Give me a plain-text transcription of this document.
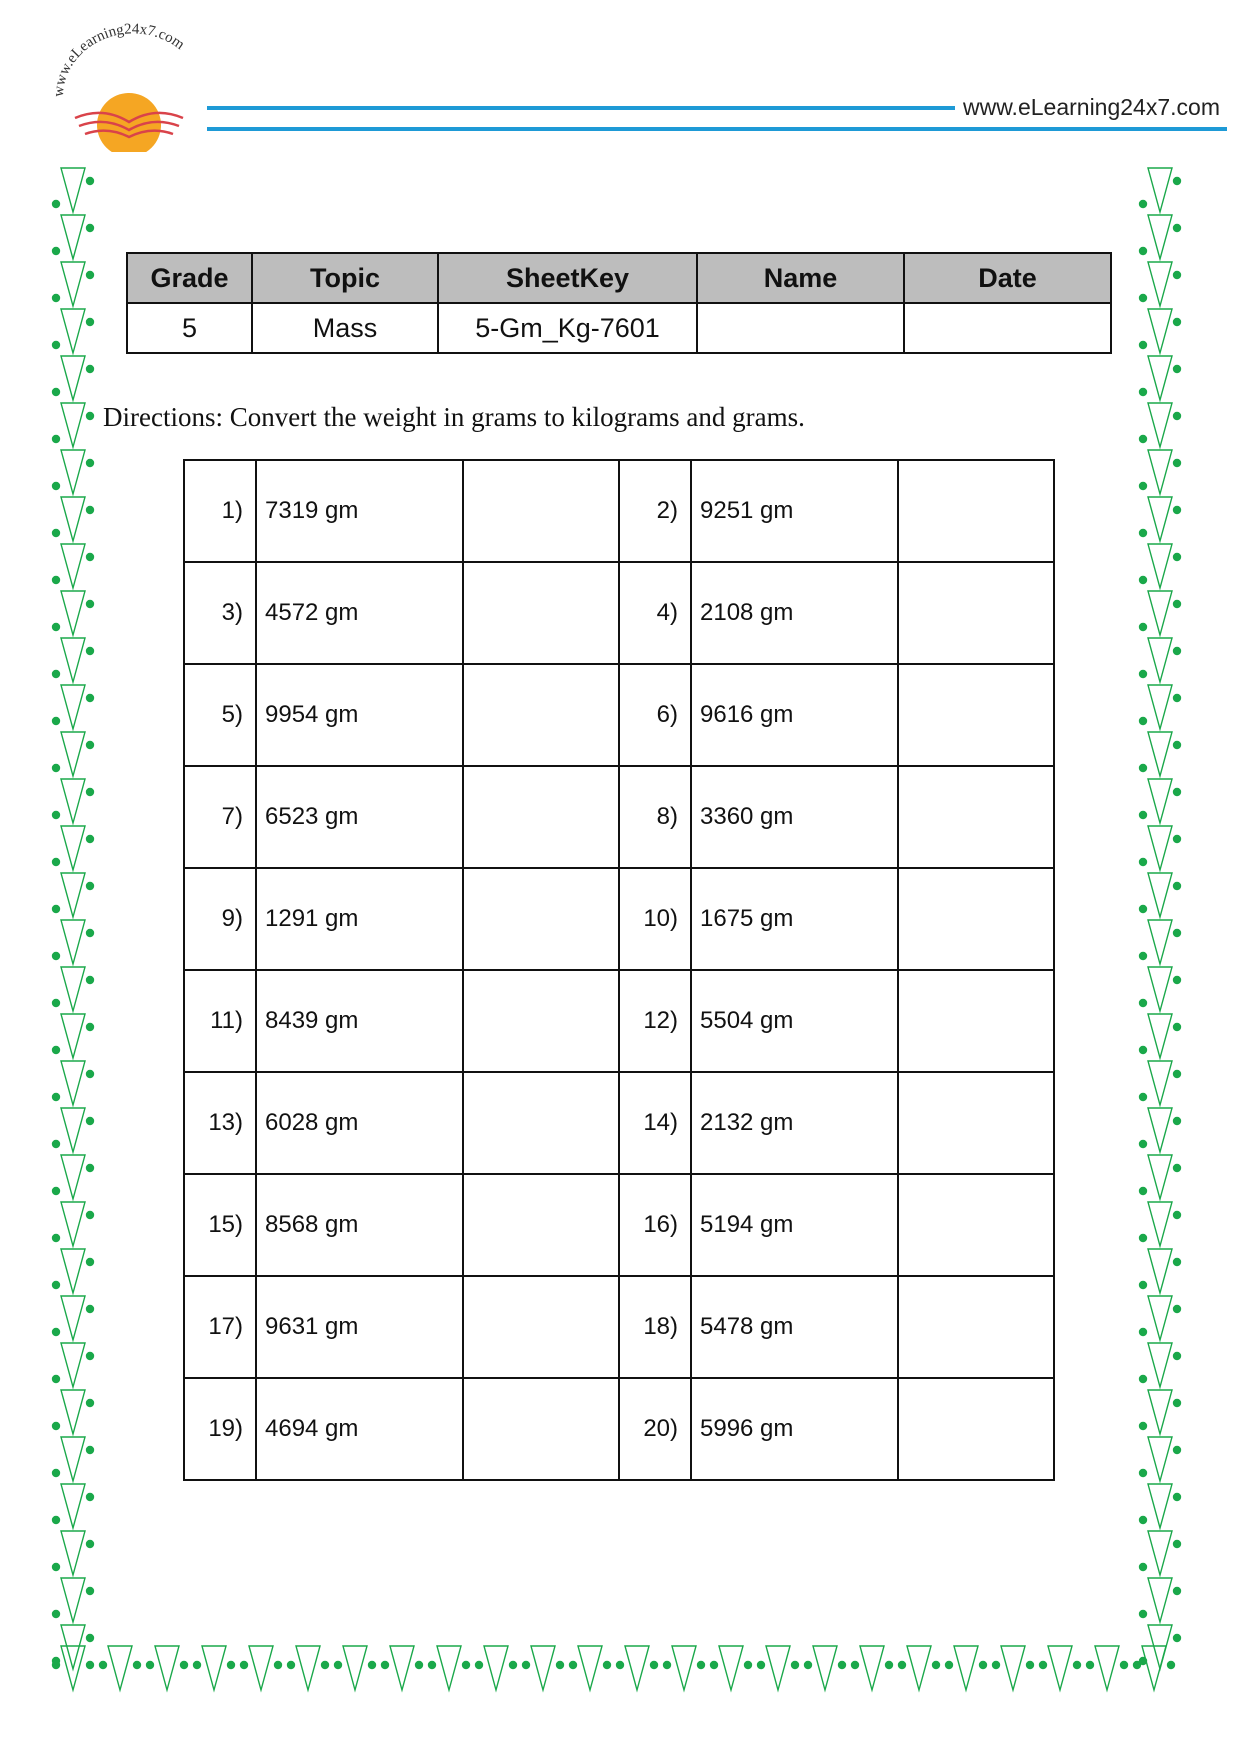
www.eLearning24x7.com
www.eLearning24x7.com
Grade	Topic	SheetKey	Name	Date
5	Mass	5-Gm_Kg-7601		
Directions: Convert the weight in grams to kilograms and grams.
1)	7319 gm		2)	9251 gm	
3)	4572 gm		4)	2108 gm	
5)	9954 gm		6)	9616 gm	
7)	6523 gm		8)	3360 gm	
9)	1291 gm		10)	1675 gm	
11)	8439 gm		12)	5504 gm	
13)	6028 gm		14)	2132 gm	
15)	8568 gm		16)	5194 gm	
17)	9631 gm		18)	5478 gm	
19)	4694 gm		20)	5996 gm	
